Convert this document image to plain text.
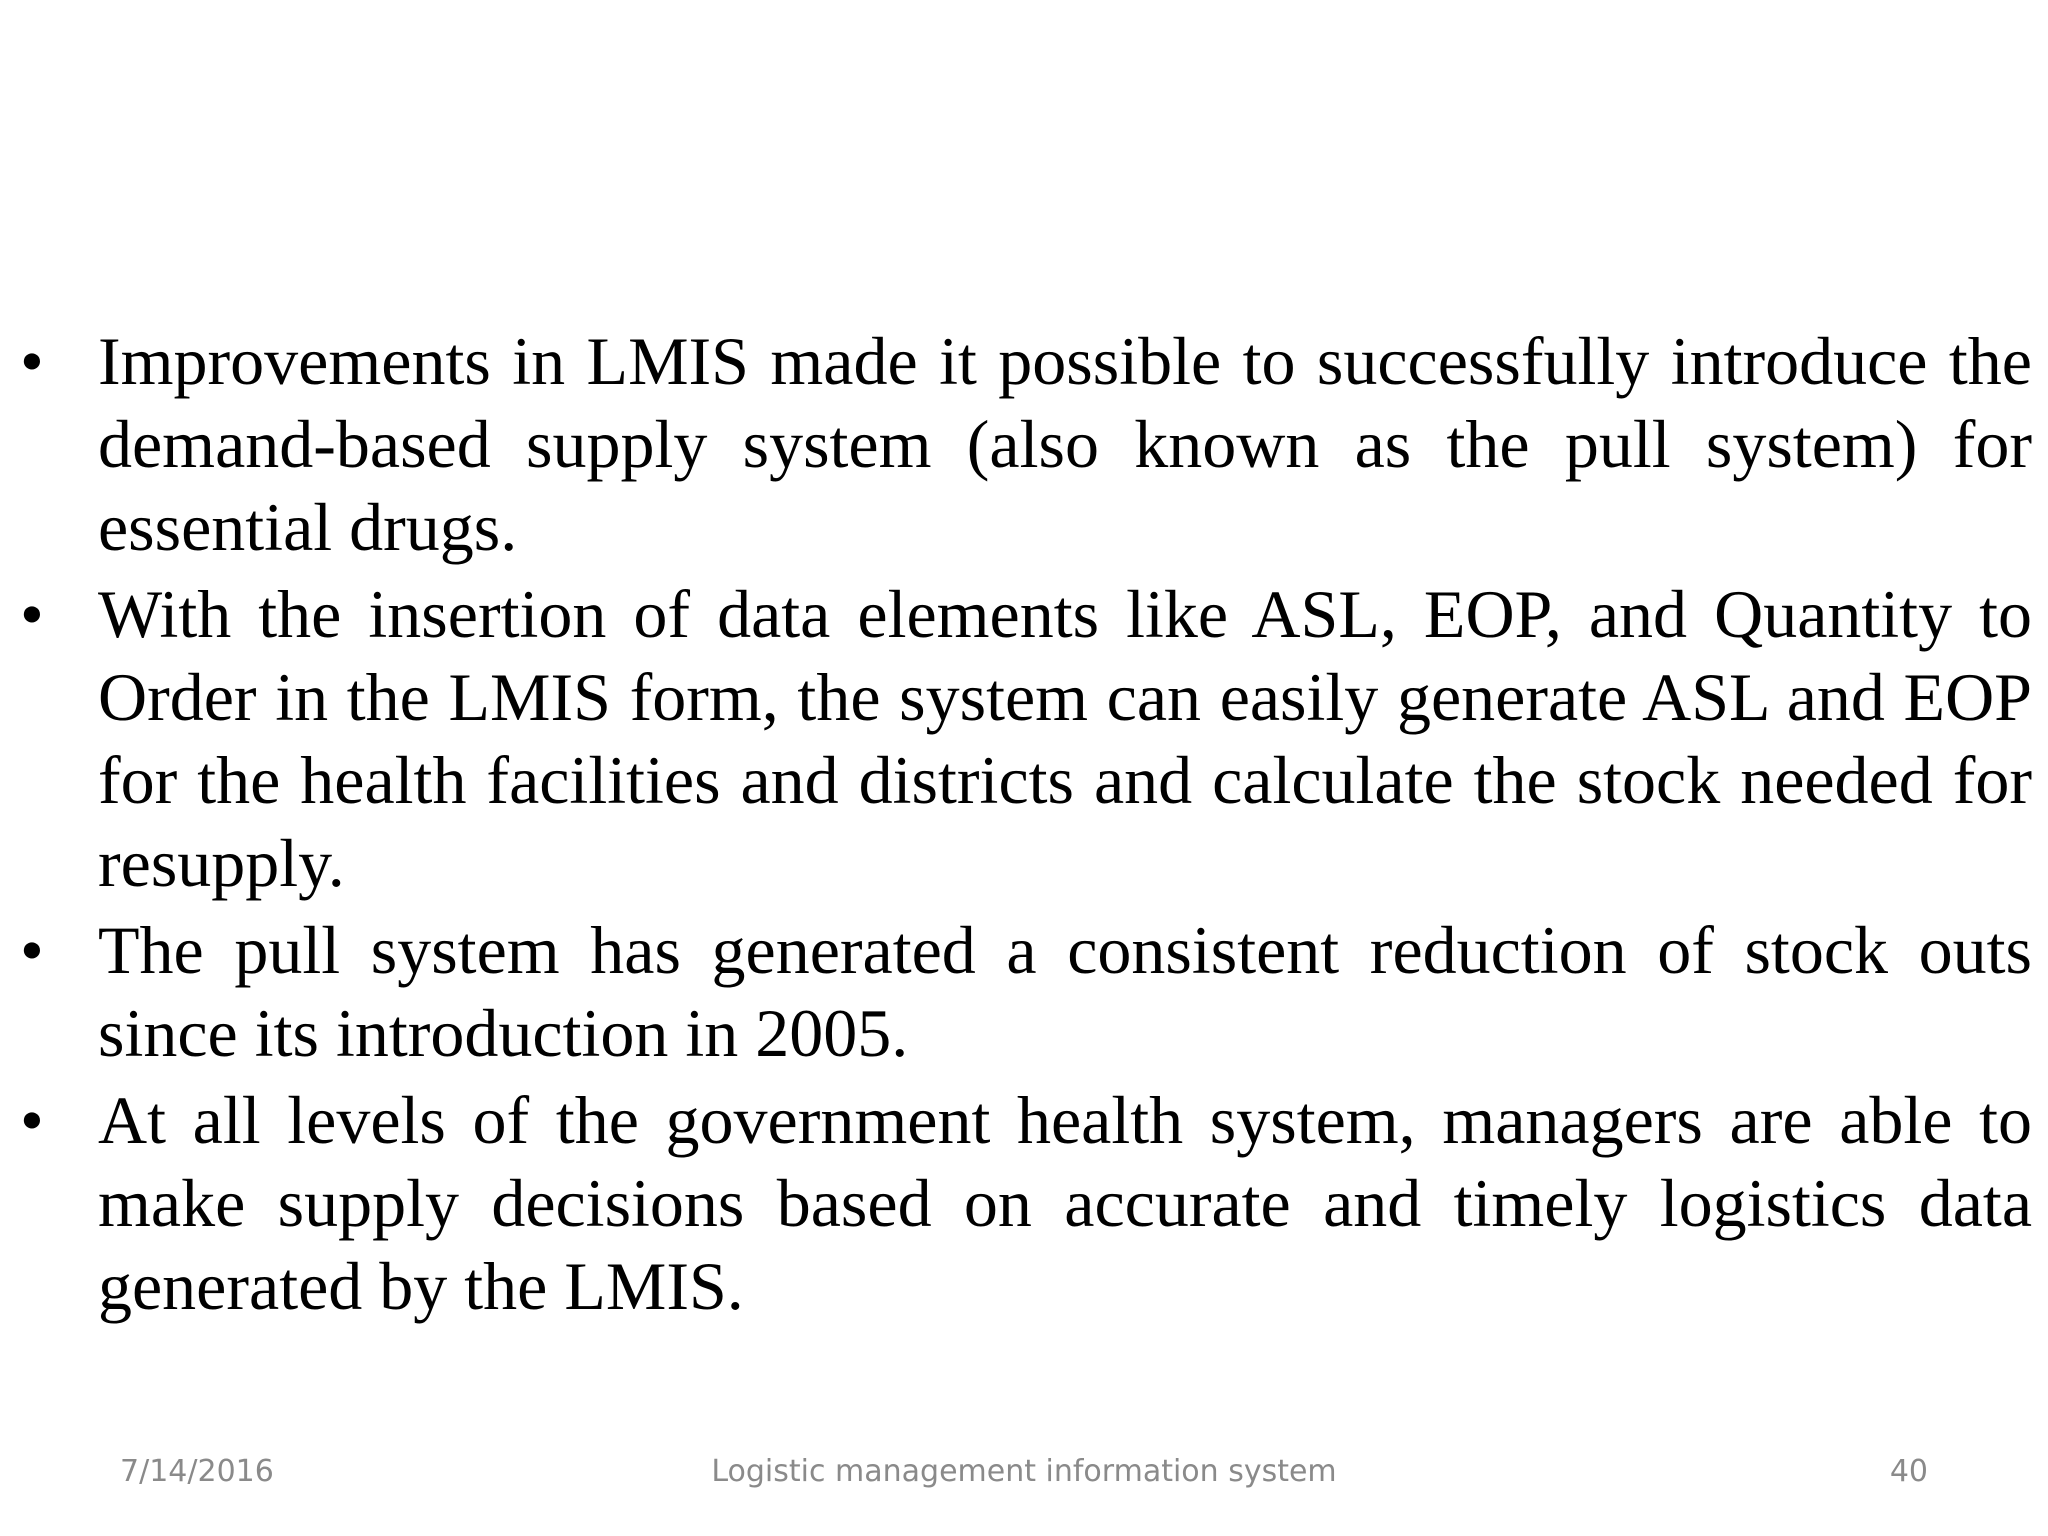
• Improvements in LMIS made it possible to successfully introduce the demand-based supply system (also known as the pull system) for essential drugs.
• With the insertion of data elements like ASL, EOP, and Quantity to Order in the LMIS form, the system can easily generate ASL and EOP for the health facilities and districts and calculate the stock needed for resupply.
• The pull system has generated a consistent reduction of stock outs since its introduction in 2005.
• At all levels of the government health system, managers are able to make supply decisions based on accurate and timely logistics data generated by the LMIS.
7/14/2016	Logistic management information system	40
